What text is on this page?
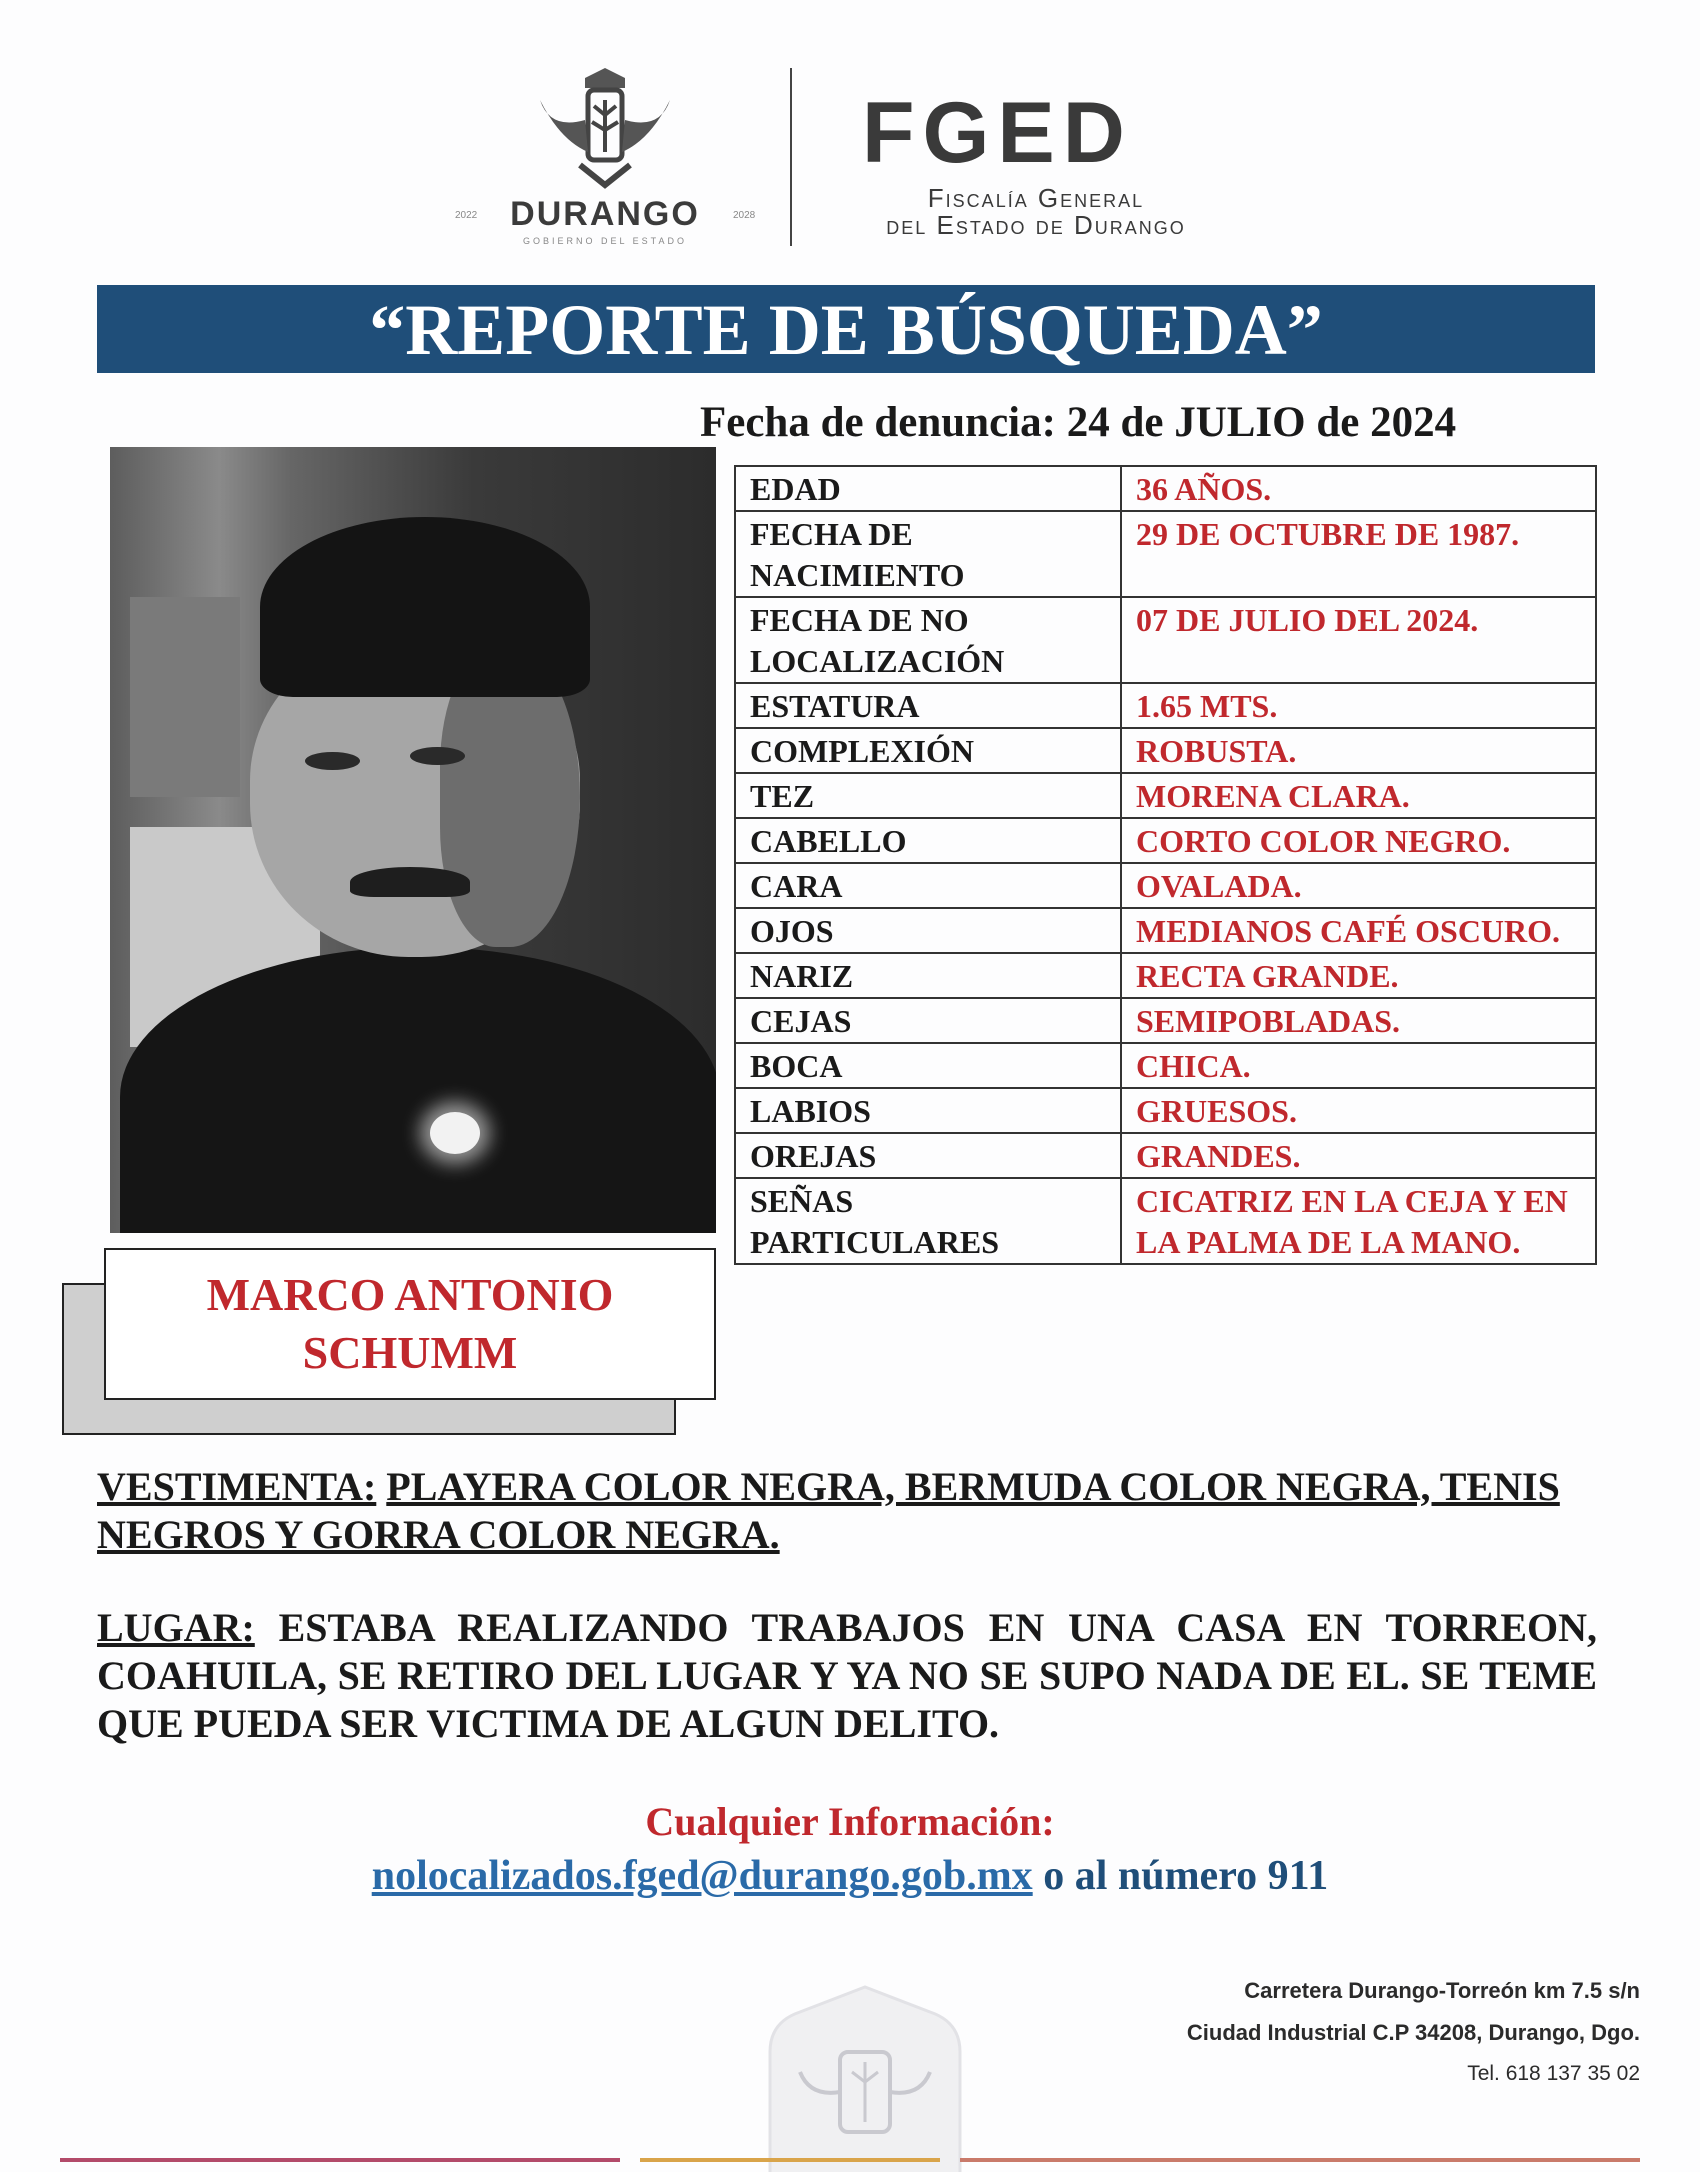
2022 DURANGO	2028
GOBIERNO DEL ESTADO
FGED
Fiscalía General
del Estado de Durango
“REPORTE DE BÚSQUEDA”
Fecha de denuncia: 24 de JULIO de 2024
MARCO ANTONIO
SCHUMM
EDAD	36 AÑOS.
FECHA DE NACIMIENTO	29 DE OCTUBRE DE 1987.
FECHA DE NO LOCALIZACIÓN	07 DE JULIO DEL 2024.
ESTATURA	1.65 MTS.
COMPLEXIÓN	ROBUSTA.
TEZ	MORENA CLARA.
CABELLO	CORTO COLOR NEGRO.
CARA	OVALADA.
OJOS	MEDIANOS CAFÉ OSCURO.
NARIZ	RECTA GRANDE.
CEJAS	SEMIPOBLADAS.
BOCA	CHICA.
LABIOS	GRUESOS.
OREJAS	GRANDES.
SEÑAS PARTICULARES	CICATRIZ EN LA CEJA Y EN LA PALMA DE LA MANO.
VESTIMENTA: PLAYERA COLOR NEGRA, BERMUDA COLOR NEGRA, TENIS NEGROS Y GORRA COLOR NEGRA.
LUGAR: ESTABA REALIZANDO TRABAJOS EN UNA CASA EN TORREON, COAHUILA, SE RETIRO DEL LUGAR Y YA NO SE SUPO NADA DE EL. SE TEME QUE PUEDA SER VICTIMA DE ALGUN DELITO.
Cualquier Información:
nolocalizados.fged@durango.gob.mx o al número 911
Carretera Durango-Torreón km 7.5 s/n
Ciudad Industrial C.P 34208, Durango, Dgo.
Tel. 618 137 35 02
